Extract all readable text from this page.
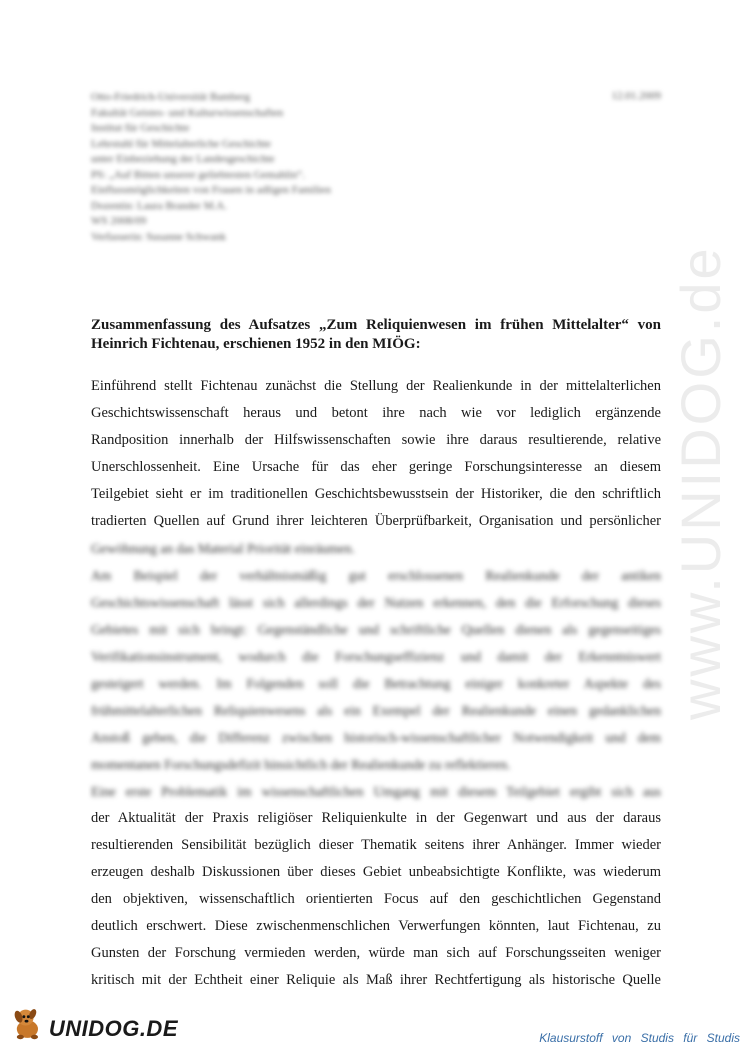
www.UNIDOG.de
12.01.2009
Otto-Friedrich-Universität Bamberg
Fakultät Geistes- und Kulturwissenschaften
Institut für Geschichte
Lehrstuhl für Mittelalterliche Geschichte
unter Einbeziehung der Landesgeschichte
PS: „Auf Bitten unserer geliebtesten Gemahlin“.
Einflussmöglichkeiten von Frauen in adligen Familien
Dozentin: Laura Brander M.A.
WS 2008/09
Verfasserin: Susanne Schwank
Zusammenfassung des Aufsatzes „Zum Reliquienwesen im frühen Mittelalter“ von Heinrich Fichtenau, erschienen 1952 in den MIÖG:
Einführend stellt Fichtenau zunächst die Stellung der Realienkunde in der mittelalterlichen
Geschichtswissenschaft heraus und betont ihre nach wie vor lediglich ergänzende
Randposition innerhalb der Hilfswissenschaften sowie ihre daraus resultierende, relative
Unerschlossenheit. Eine Ursache für das eher geringe Forschungsinteresse an diesem
Teilgebiet sieht er im traditionellen Geschichtsbewusstsein der Historiker, die den schriftlich
tradierten Quellen auf Grund ihrer leichteren Überprüfbarkeit, Organisation und persönlicher
Gewöhnung an das Material Priorität einräumen.
Am Beispiel der verhältnismäßig gut erschlossenen Realienkunde der antiken
Geschichtswissenschaft lässt sich allerdings der Nutzen erkennen, den die Erforschung dieses
Gebietes mit sich bringt: Gegenständliche und schriftliche Quellen dienen als gegenseitiges
Verifikationsinstrument, wodurch die Forschungseffizienz und damit der Erkenntniswert
gesteigert werden. Im Folgenden soll die Betrachtung einiger konkreter Aspekte des
frühmittelalterlichen Reliquienwesens als ein Exempel der Realienkunde einen gedanklichen
Anstoß geben, die Differenz zwischen historisch-wissenschaftlicher Notwendigkeit und dem
momentanen Forschungsdefizit hinsichtlich der Realienkunde zu reflektieren.
Eine erste Problematik im wissenschaftlichen Umgang mit diesem Teilgebiet ergibt sich aus
der Aktualität der Praxis religiöser Reliquienkulte in der Gegenwart und aus der daraus
resultierenden Sensibilität bezüglich dieser Thematik seitens ihrer Anhänger. Immer wieder
erzeugen deshalb Diskussionen über dieses Gebiet unbeabsichtigte Konflikte, was wiederum
den objektiven, wissenschaftlich orientierten Focus auf den geschichtlichen Gegenstand
deutlich erschwert. Diese zwischenmenschlichen Verwerfungen könnten, laut Fichtenau, zu
Gunsten der Forschung vermieden werden, würde man sich auf Forschungsseiten weniger
kritisch mit der Echtheit einer Reliquie als Maß ihrer Rechtfertigung als historische Quelle
UNIDOG.DE	Klausurstoff von Studis für Studis
